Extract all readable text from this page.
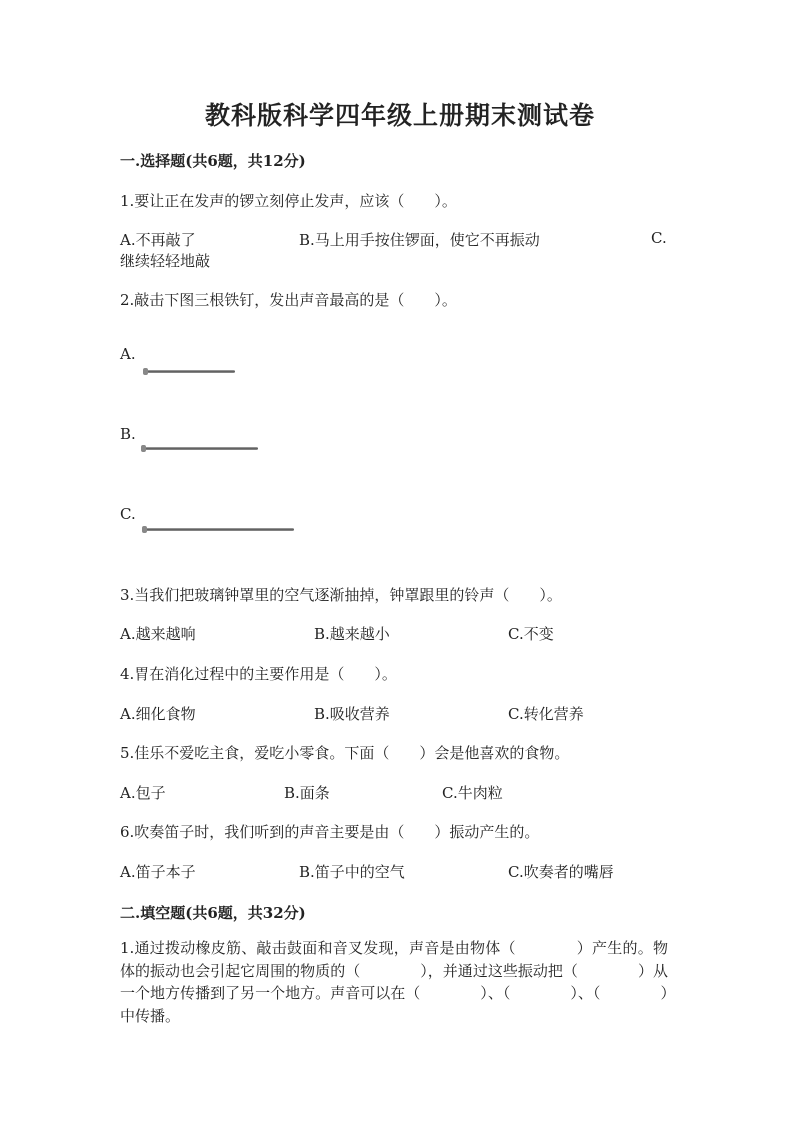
教科版科学四年级上册期末测试卷
一.选择题(共6题，共12分)
1.要让正在发声的锣立刻停止发声，应该（　　）。
A.不再敲了	B.马上用手按住锣面，使它不再振动	C.
继续轻轻地敲
2.敲击下图三根铁钉，发出声音最高的是（　　）。
A.
B.
C.
3.当我们把玻璃钟罩里的空气逐渐抽掉，钟罩跟里的铃声（　　）。
A.越来越响	B.越来越小	C.不变
4.胃在消化过程中的主要作用是（　　）。
A.细化食物	B.吸收营养	C.转化营养
5.佳乐不爱吃主食，爱吃小零食。下面（　　）会是他喜欢的食物。
A.包子	B.面条	C.牛肉粒
6.吹奏笛子时，我们听到的声音主要是由（　　）振动产生的。
A.笛子本子	B.笛子中的空气	C.吹奏者的嘴唇
二.填空题(共6题，共32分)
1.通过拨动橡皮筋、敲击鼓面和音叉发现，声音是由物体（　　　　）产生的。物体的振动也会引起它周围的物质的（　　　　），并通过这些振动把（　　　　）从一个地方传播到了另一个地方。声音可以在（　　　　）、（　　　　）、（　　　　）中传播。
